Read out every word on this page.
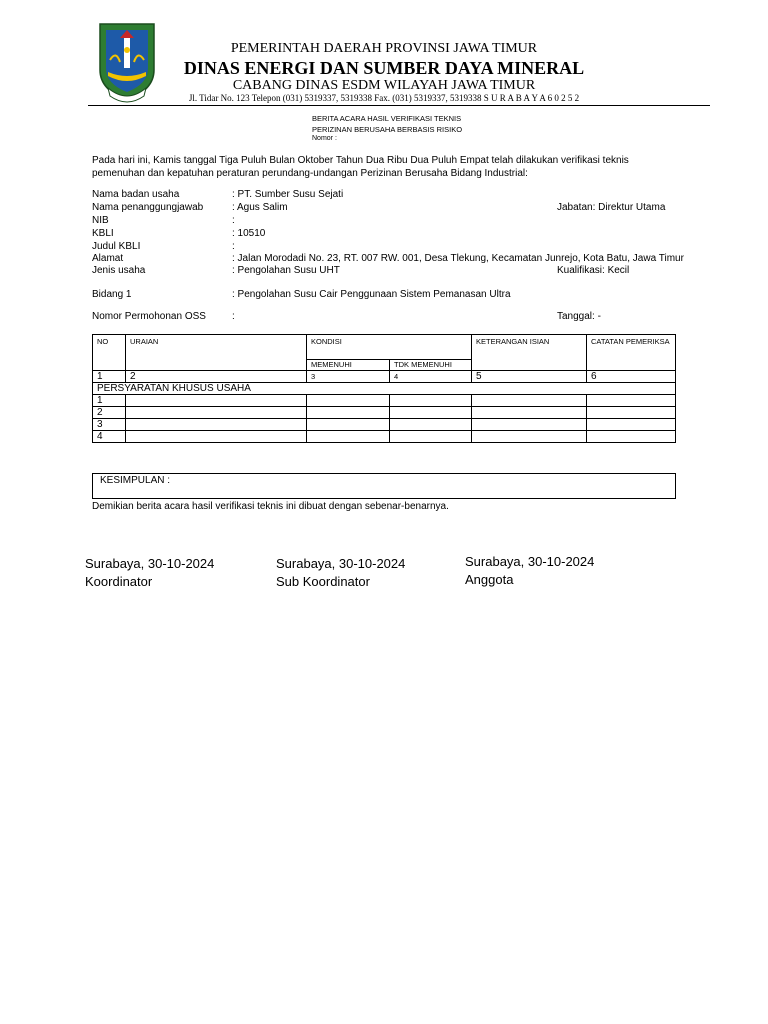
PEMERINTAH DAERAH PROVINSI JAWA TIMUR
DINAS ENERGI DAN SUMBER DAYA MINERAL
CABANG DINAS ESDM WILAYAH JAWA TIMUR
Jl. Tidar No. 123 Telepon (031) 5319337, 5319338 Fax. (031) 5319337, 5319338 S U R A B A Y A 6 0 2 5 2
BERITA ACARA HASIL VERIFIKASI TEKNIS
PERIZINAN BERUSAHA BERBASIS RISIKO
Nomor :
Pada hari ini, Kamis tanggal Tiga Puluh Bulan Oktober Tahun Dua Ribu Dua Puluh Empat telah dilakukan verifikasi teknis pemenuhan dan kepatuhan peraturan perundang-undangan Perizinan Berusaha Bidang Industrial:
Nama badan usaha	: PT. Sumber Susu Sejati
Nama penanggungjawab	: Agus Salim	Jabatan: Direktur Utama
NIB	:
KBLI	: 10510
Judul KBLI	:
Alamat	: Jalan Morodadi No. 23, RT. 007 RW. 001, Desa Tlekung, Kecamatan Junrejo, Kota Batu, Jawa Timur
Jenis usaha	: Pengolahan Susu UHT	Kualifikasi: Kecil
Bidang 1	: Pengolahan Susu Cair Penggunaan Sistem Pemanasan Ultra
Nomor Permohonan OSS	:	Tanggal: -
NO	URAIAN	KONDISI		KETERANGAN ISIAN	CATATAN PEMERIKSA
		MEMENUHI	TDK MEMENUHI		
1	2	3	4	5	6
PERSYARATAN KHUSUS USAHA					
1					
2					
3					
4					
KESIMPULAN :
Demikian berita acara hasil verifikasi teknis ini dibuat dengan sebenar-benarnya.
Surabaya, 30-10-2024
Koordinator
Surabaya, 30-10-2024
Sub Koordinator
Surabaya, 30-10-2024
Anggota
